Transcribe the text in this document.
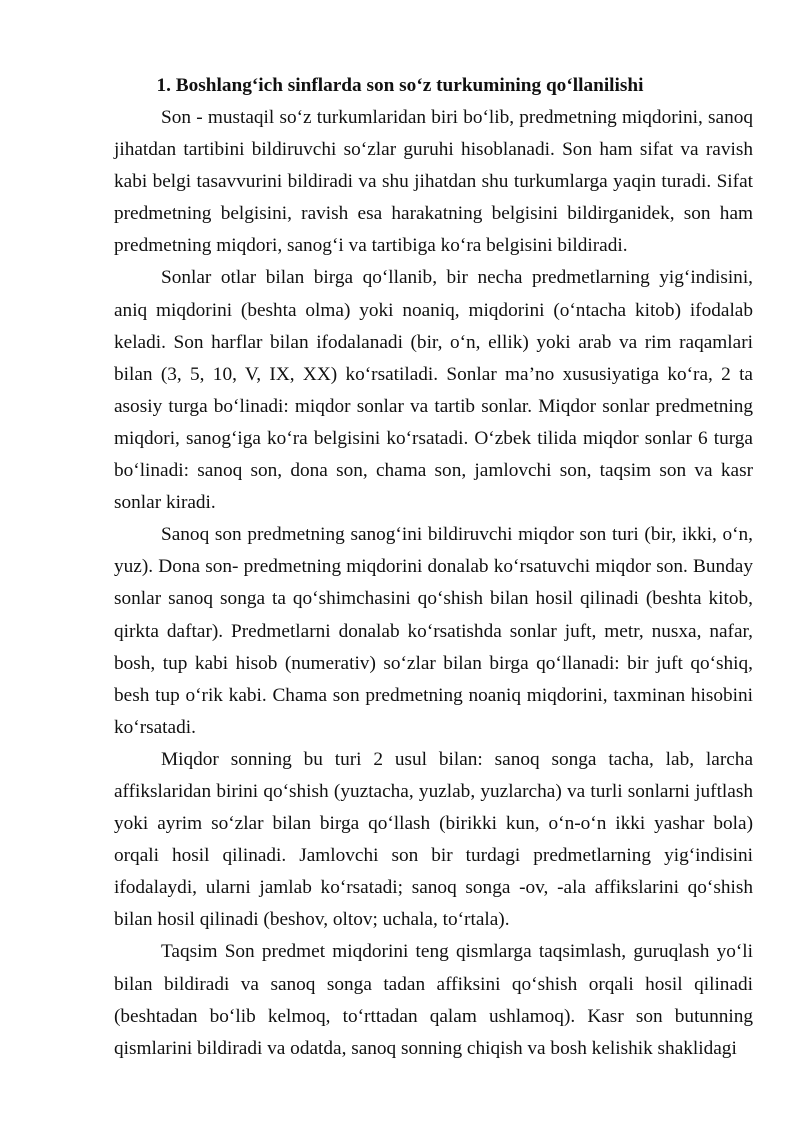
1. Boshlang‘ich sinflarda son so‘z turkumining qo‘llanilishi

Son - mustaqil so‘z turkumlaridan biri bo‘lib, predmetning miqdorini, sanoq jihatdan tartibini bildiruvchi so‘zlar guruhi hisoblanadi. Son ham sifat va ravish kabi belgi tasavvurini bildiradi va shu jihatdan shu turkumlarga yaqin turadi. Sifat predmetning belgisini, ravish esa harakatning belgisini bildirganidek, son ham predmetning miqdori, sanog‘i va tartibiga ko‘ra belgisini bildiradi.

Sonlar otlar bilan birga qo‘llanib, bir necha predmetlarning yig‘indisini, aniq miqdorini (beshta olma) yoki noaniq, miqdorini (o‘ntacha kitob) ifodalab keladi. Son harflar bilan ifodalanadi (bir, o‘n, ellik) yoki arab va rim raqamlari bilan (3, 5, 10, V, IX, XX) ko‘rsatiladi. Sonlar ma’no xususiyatiga ko‘ra, 2 ta asosiy turga bo‘linadi: miqdor sonlar va tartib sonlar. Miqdor sonlar predmetning miqdori, sanog‘iga ko‘ra belgisini ko‘rsatadi. O‘zbek tilida miqdor sonlar 6 turga bo‘linadi: sanoq son, dona son, chama son, jamlovchi son, taqsim son va kasr sonlar kiradi.

Sanoq son predmetning sanog‘ini bildiruvchi miqdor son turi (bir, ikki, o‘n, yuz). Dona son- predmetning miqdorini donalab ko‘rsatuvchi miqdor son. Bunday sonlar sanoq songa ta qo‘shimchasini qo‘shish bilan hosil qilinadi (beshta kitob, qirkta daftar). Predmetlarni donalab ko‘rsatishda sonlar juft, metr, nusxa, nafar, bosh, tup kabi hisob (numerativ) so‘zlar bilan birga qo‘llanadi: bir juft qo‘shiq, besh tup o‘rik kabi. Chama son predmetning noaniq miqdorini, taxminan hisobini ko‘rsatadi.

Miqdor sonning bu turi 2 usul bilan: sanoq songa tacha, lab, larcha affikslaridan birini qo‘shish (yuztacha, yuzlab, yuzlarcha) va turli sonlarni juftlash yoki ayrim so‘zlar bilan birga qo‘llash (birikki kun, o‘n-o‘n ikki yashar bola) orqali hosil qilinadi. Jamlovchi son bir turdagi predmetlarning yig‘indisini ifodalaydi, ularni jamlab ko‘rsatadi; sanoq songa -ov, -ala affikslarini qo‘shish bilan hosil qilinadi (beshov, oltov; uchala, to‘rtala).

Taqsim Son predmet miqdorini teng qismlarga taqsimlash, guruqlash yo‘li bilan bildiradi va sanoq songa tadan affiksini qo‘shish orqali hosil qilinadi (beshtadan bo‘lib kelmoq, to‘rttadan qalam ushlamoq). Kasr son butunning qismlarini bildiradi va odatda, sanoq sonning chiqish va bosh kelishik shaklidagi
